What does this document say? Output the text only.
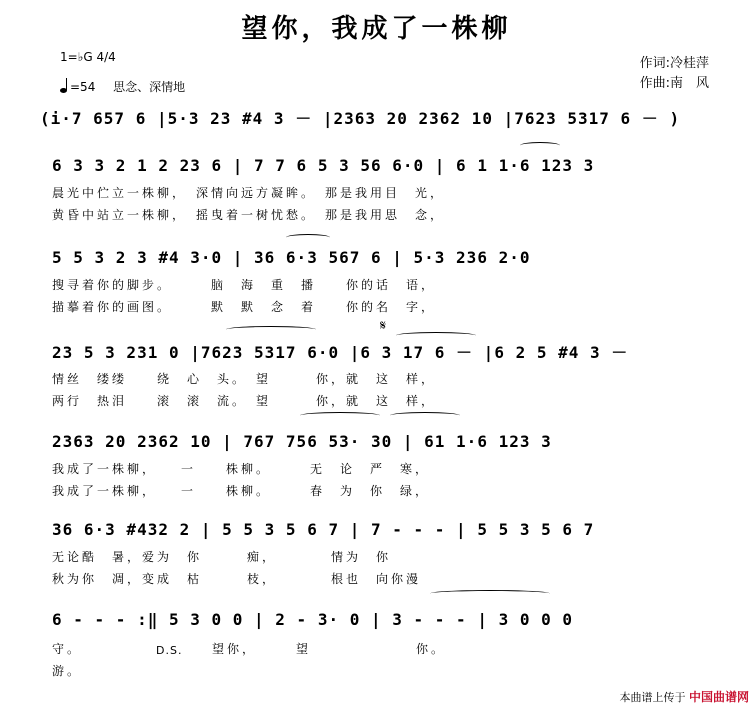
望你，我成了一株柳
1=♭G 4/4
=54 思念、深情地
作词:冷桂萍
作曲:南　风
(i·7 657 6 |5·3 23 #4 3 － |2363 20 2362 10 |7623 5317 6 － )
6 3 3 2 1 2 23 6 | 7 7 6 5 3 56 6·0 | 6 1 1·6 123 3
晨光中伫立一株柳，　深情向远方凝眸。　那是我用目　光，
黄昏中站立一株柳，　摇曳着一树忧愁。　那是我用思　念，
5 5 3 2 3 #4 3·0 | 36 6·3 567 6 | 5·3 236 2·0
搜寻着你的脚步。　　　脑　海　重　播　　你的话　语，
描摹着你的画图。　　　默　默　念　着　　你的名　字，
𝄋
23 5 3 231 0 |7623 5317 6·0 |6 3 17 6 － |6 2 5 #4 3 －
情丝　缕缕　　绕　心　头。　望　　　你，就　这　样，
两行　热泪　　滚　滚　流。　望　　　你，就　这　样，
2363 20 2362 10 | 767 756 53· 30 | 61 1·6 123 3
我成了一株柳，　　一　　株柳。　　　无　论　严　寒，
我成了一株柳，　　一　　株柳。　　　春　为　你　绿，
36 6·3 #432 2 | 5 5 3 5 6 7 | 7 - - - | 5 5 3 5 6 7
无论酷　暑，爱为　你　　　痴，　　　　情为　你
秋为你　凋，变成　枯　　　枝，　　　　根也　向你漫
6 - - - :‖ 5 3 0 0 | 2 - 3· 0 | 3 - - - | 3 0 0 0
D.S.
守。
游。
望你，　　　望　　　　　　　你。
本曲谱上传于 中国曲谱网
